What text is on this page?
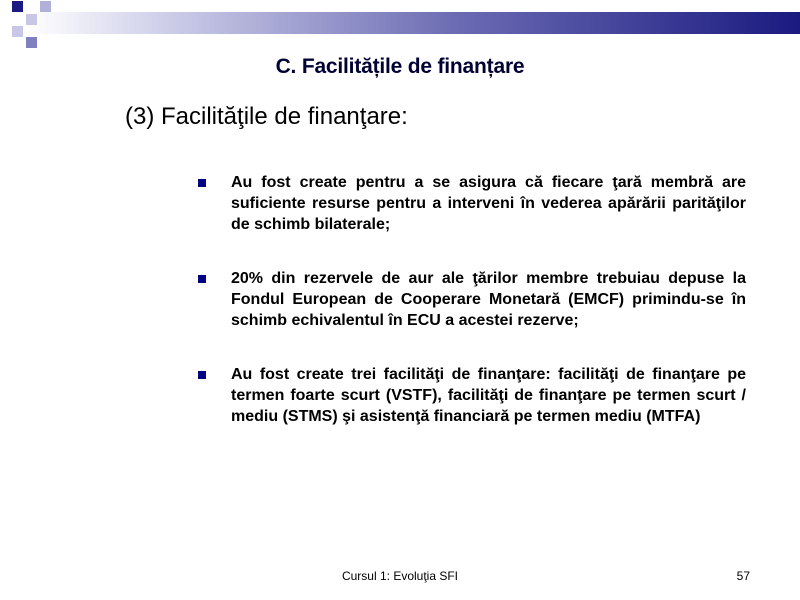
C. Facilitățile de finanțare
(3) Facilităţile de finanţare:
Au fost create pentru a se asigura că fiecare ţară membră are suficiente resurse pentru a interveni în vederea apărării parităţilor de schimb bilaterale;
20% din rezervele de aur ale ţărilor membre trebuiau depuse la Fondul European de Cooperare Monetară (EMCF) primindu-se în schimb echivalentul în ECU a acestei rezerve;
Au fost create trei facilităţi de finanţare: facilităţi de finanţare pe termen foarte scurt (VSTF), facilităţi de finanţare pe termen scurt / mediu (STMS) şi asistenţă financiară pe termen mediu (MTFA)
Cursul 1: Evoluţia SFI	57
